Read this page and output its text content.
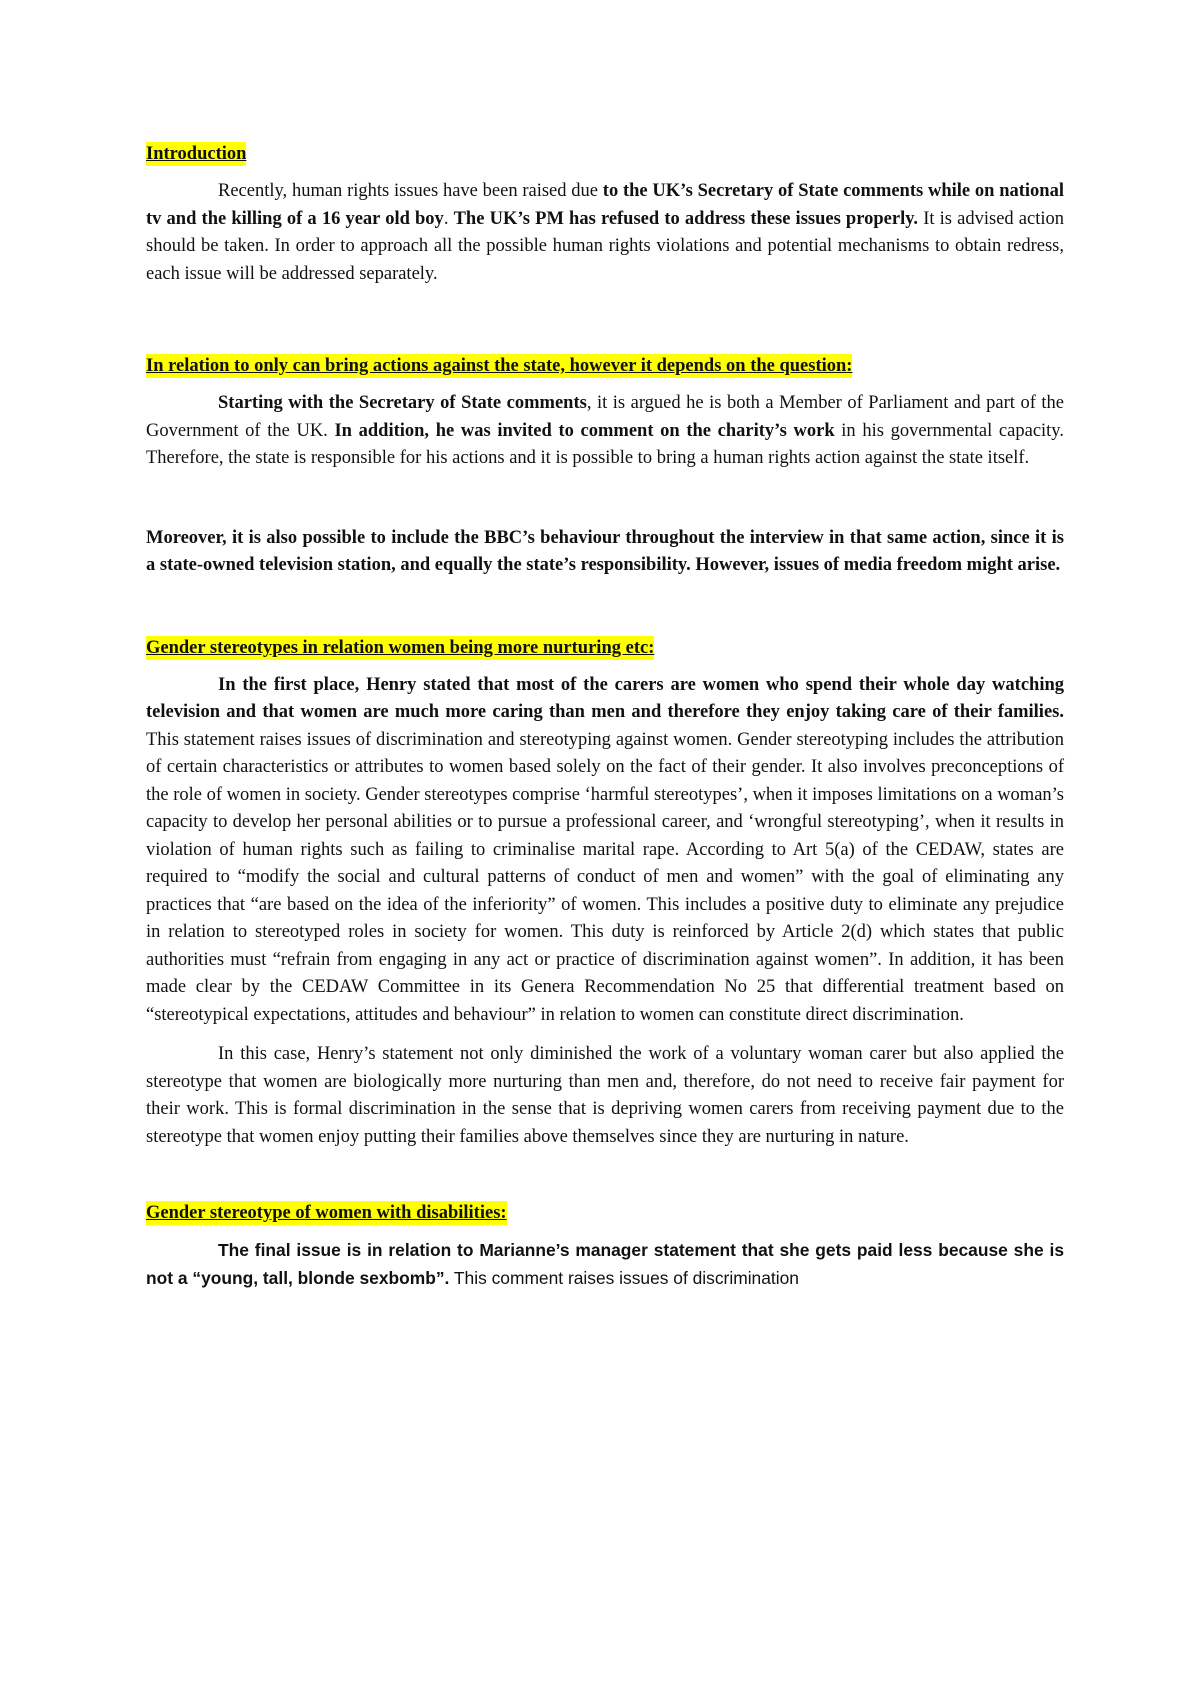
Introduction

Recently, human rights issues have been raised due to the UK’s Secretary of State comments while on national tv and the killing of a 16 year old boy. The UK’s PM has refused to address these issues properly. It is advised action should be taken. In order to approach all the possible human rights violations and potential mechanisms to obtain redress, each issue will be addressed separately.

In relation to only can bring actions against the state, however it depends on the question:

Starting with the Secretary of State comments, it is argued he is both a Member of Parliament and part of the Government of the UK. In addition, he was invited to comment on the charity’s work in his governmental capacity. Therefore, the state is responsible for his actions and it is possible to bring a human rights action against the state itself.

Moreover, it is also possible to include the BBC’s behaviour throughout the interview in that same action, since it is a state-owned television station, and equally the state’s responsibility. However, issues of media freedom might arise.

Gender stereotypes in relation women being more nurturing etc:

In the first place, Henry stated that most of the carers are women who spend their whole day watching television and that women are much more caring than men and therefore they enjoy taking care of their families. This statement raises issues of discrimination and stereotyping against women. Gender stereotyping includes the attribution of certain characteristics or attributes to women based solely on the fact of their gender. It also involves preconceptions of the role of women in society. Gender stereotypes comprise ‘harmful stereotypes’, when it imposes limitations on a woman’s capacity to develop her personal abilities or to pursue a professional career, and ‘wrongful stereotyping’, when it results in violation of human rights such as failing to criminalise marital rape. According to Art 5(a) of the CEDAW, states are required to “modify the social and cultural patterns of conduct of men and women” with the goal of eliminating any practices that “are based on the idea of the inferiority” of women. This includes a positive duty to eliminate any prejudice in relation to stereotyped roles in society for women. This duty is reinforced by Article 2(d) which states that public authorities must “refrain from engaging in any act or practice of discrimination against women”. In addition, it has been made clear by the CEDAW Committee in its Genera Recommendation No 25 that differential treatment based on “stereotypical expectations, attitudes and behaviour” in relation to women can constitute direct discrimination.

In this case, Henry’s statement not only diminished the work of a voluntary woman carer but also applied the stereotype that women are biologically more nurturing than men and, therefore, do not need to receive fair payment for their work. This is formal discrimination in the sense that is depriving women carers from receiving payment due to the stereotype that women enjoy putting their families above themselves since they are nurturing in nature.

Gender stereotype of women with disabilities:

The final issue is in relation to Marianne’s manager statement that she gets paid less because she is not a “young, tall, blonde sexbomb”. This comment raises issues of discrimination
